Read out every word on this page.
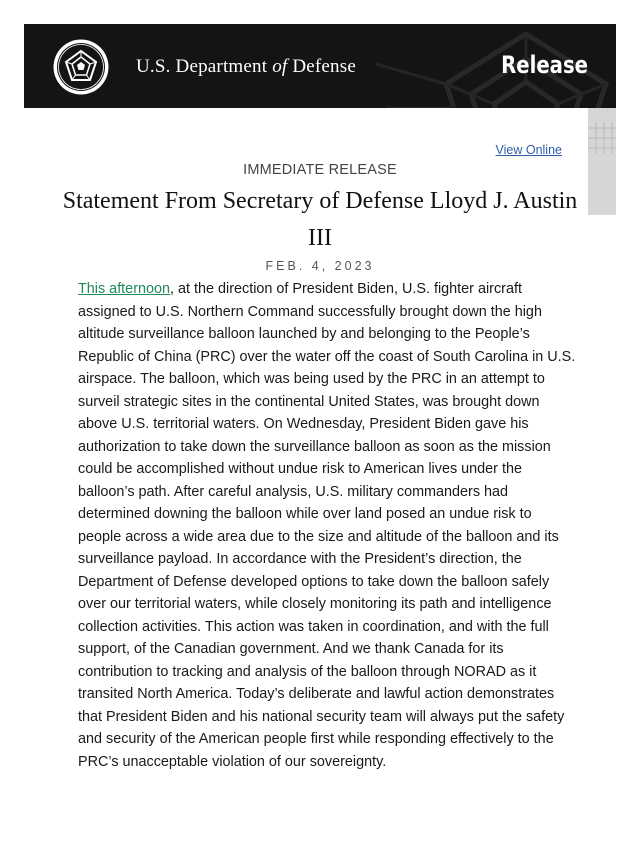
U.S. Department of Defense	Release
View Online
IMMEDIATE RELEASE
Statement From Secretary of Defense Lloyd J. Austin III
FEB. 4, 2023
This afternoon, at the direction of President Biden, U.S. fighter aircraft assigned to U.S. Northern Command successfully brought down the high altitude surveillance balloon launched by and belonging to the People’s Republic of China (PRC) over the water off the coast of South Carolina in U.S. airspace. The balloon, which was being used by the PRC in an attempt to surveil strategic sites in the continental United States, was brought down above U.S. territorial waters. On Wednesday, President Biden gave his authorization to take down the surveillance balloon as soon as the mission could be accomplished without undue risk to American lives under the balloon’s path. After careful analysis, U.S. military commanders had determined downing the balloon while over land posed an undue risk to people across a wide area due to the size and altitude of the balloon and its surveillance payload. In accordance with the President’s direction, the Department of Defense developed options to take down the balloon safely over our territorial waters, while closely monitoring its path and intelligence collection activities. This action was taken in coordination, and with the full support, of the Canadian government. And we thank Canada for its contribution to tracking and analysis of the balloon through NORAD as it transited North America. Today’s deliberate and lawful action demonstrates that President Biden and his national security team will always put the safety and security of the American people first while responding effectively to the PRC’s unacceptable violation of our sovereignty.
